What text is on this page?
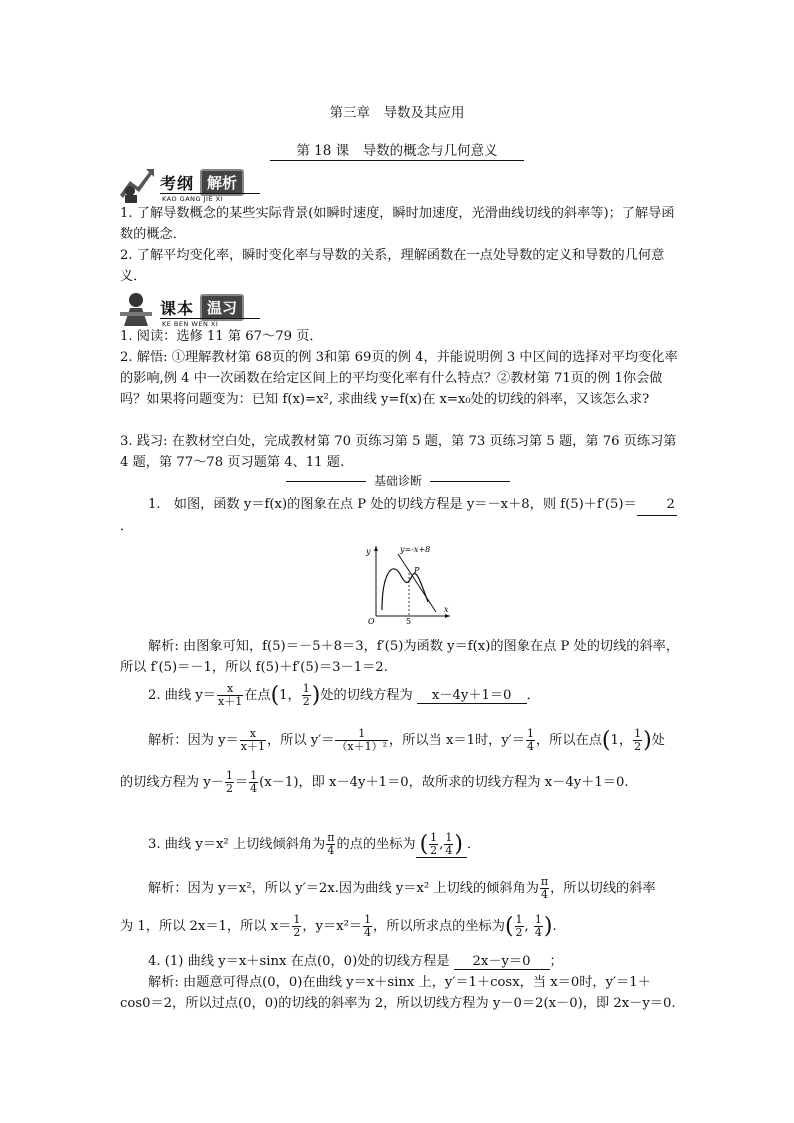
第三章　导数及其应用
第 18 课　导数的概念与几何意义
考纲 解析
KAO GANG JIE XI
1. 了解导数概念的某些实际背景(如瞬时速度，瞬时加速度，光滑曲线切线的斜率等)；了解导函数的概念．
2. 了解平均变化率，瞬时变化率与导数的关系，理解函数在一点处导数的定义和导数的几何意义．
课本 温习
KE BEN WEN XI
1. 阅读：选修 11 第 67～79 页．
2. 解悟: ①理解教材第 68页的例 3和第 69页的例 4，并能说明例 3 中区间的选择对平均变化率的影响,例 4 中一次函数在给定区间上的平均变化率有什么特点？②教材第 71页的例 1你会做吗？如果将问题变为：已知 f(x)=x², 求曲线 y=f(x)在 x=x₀处的切线的斜率，又该怎么求?
3. 践习: 在教材空白处，完成教材第 70 页练习第 5 题，第 73 页练习第 5 题，第 76 页练习第 4 题，第 77～78 页习题第 4、11 题.
基础诊断
1.　如图，函数 y＝f(x)的图象在点 P 处的切线方程是 y＝－x＋8，则 f(5)＋f′(5)＝ 2．
y=-x+8
P
x
y
O	5
解析: 由图象可知，f(5)＝－5＋8＝3，f′(5)为函数 y＝f(x)的图象在点 P 处的切线的斜率，所以 f′(5)＝－1，所以 f(5)＋f′(5)＝3－1＝2.
2. 曲线 $y= \frac{x}{x+1}$ 在点(1， $\frac{1}{2}$ )处的切线方程为 x－4y＋1＝0 ．
解析：因为 $y= \frac{x}{x+1}$ ，所以 $y'= \frac{1}{\text{（x＋1）²}}$ ，所以当 x＝1时，$y'= \frac{1}{4}$ ，所以在点(1， $\frac{1}{2}$ )处
的切线方程为 $y- \frac{1}{2} = \frac{1}{4} (x-1)$，即 x－4y＋1＝0，故所求的切线方程为 x－4y＋1＝0.
3. 曲线 y＝x² 上切线倾斜角为 $\frac{\pi}{4}$ 的点的坐标为 ( $\frac{1}{2}$ , $\frac{1}{4}$ ) ．
解析：因为 y＝x²，所以 y′＝2x.因为曲线 y＝x² 上切线的倾斜角为 $\frac{\pi}{4}$ ，所以切线的斜率
为 1，所以 2x＝1，所以 $x= \frac{1}{2}$ ，$y=x^2= \frac{1}{4}$ ，所以所求点的坐标为( $\frac{1}{2}$ , $\frac{1}{4}$ ).
4. (1) 曲线 y＝x＋sinx 在点(0，0)处的切线方程是 2x－y＝0 ；
解析: 由题意可得点(0，0)在曲线 y＝x＋sinx 上，y′＝1＋cosx，当 x＝0时，y′＝1＋cos0＝2，所以过点(0，0)的切线的斜率为 2，所以切线方程为 y－0＝2(x－0)，即 2x－y＝0.
